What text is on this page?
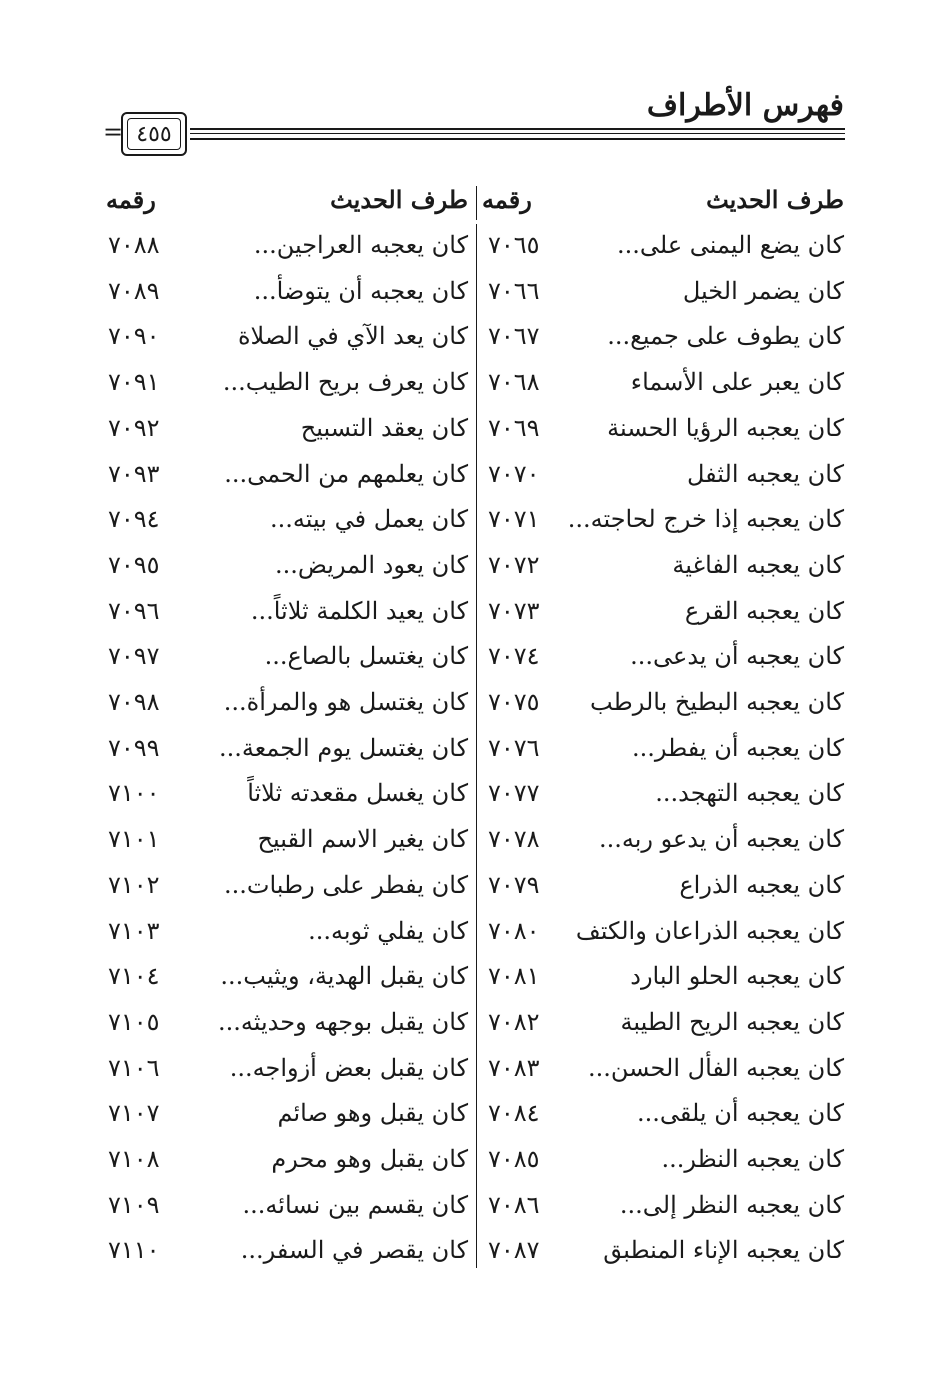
فهرس الأطراف
٤٥٥
=
طرف الحديث
رقمه
طرف الحديث
رقمه
كان يضع اليمنى على...
٧٠٦٥
كان يضمر الخيل
٧٠٦٦
كان يطوف على جميع...
٧٠٦٧
كان يعبر على الأسماء
٧٠٦٨
كان يعجبه الرؤيا الحسنة
٧٠٦٩
كان يعجبه الثفل
٧٠٧٠
كان يعجبه إذا خرج لحاجته...
٧٠٧١
كان يعجبه الفاغية
٧٠٧٢
كان يعجبه القرع
٧٠٧٣
كان يعجبه أن يدعى...
٧٠٧٤
كان يعجبه البطيخ بالرطب
٧٠٧٥
كان يعجبه أن يفطر...
٧٠٧٦
كان يعجبه التهجد...
٧٠٧٧
كان يعجبه أن يدعو ربه...
٧٠٧٨
كان يعجبه الذراع
٧٠٧٩
كان يعجبه الذراعان والكتف
٧٠٨٠
كان يعجبه الحلو البارد
٧٠٨١
كان يعجبه الريح الطيبة
٧٠٨٢
كان يعجبه الفأل الحسن...
٧٠٨٣
كان يعجبه أن يلقى...
٧٠٨٤
كان يعجبه النظر...
٧٠٨٥
كان يعجبه النظر إلى...
٧٠٨٦
كان يعجبه الإناء المنطبق
٧٠٨٧
كان يعجبه العراجين...
٧٠٨٨
كان يعجبه أن يتوضأ...
٧٠٨٩
كان يعد الآي في الصلاة
٧٠٩٠
كان يعرف بريح الطيب...
٧٠٩١
كان يعقد التسبيح
٧٠٩٢
كان يعلمهم من الحمى...
٧٠٩٣
كان يعمل في بيته...
٧٠٩٤
كان يعود المريض...
٧٠٩٥
كان يعيد الكلمة ثلاثاً...
٧٠٩٦
كان يغتسل بالصاع...
٧٠٩٧
كان يغتسل هو والمرأة...
٧٠٩٨
كان يغتسل يوم الجمعة...
٧٠٩٩
كان يغسل مقعدته ثلاثاً
٧١٠٠
كان يغير الاسم القبيح
٧١٠١
كان يفطر على رطبات...
٧١٠٢
كان يفلي ثوبه...
٧١٠٣
كان يقبل الهدية، ويثيب...
٧١٠٤
كان يقبل بوجهه وحديثه...
٧١٠٥
كان يقبل بعض أزواجه...
٧١٠٦
كان يقبل وهو صائم
٧١٠٧
كان يقبل وهو محرم
٧١٠٨
كان يقسم بين نسائه...
٧١٠٩
كان يقصر في السفر...
٧١١٠
